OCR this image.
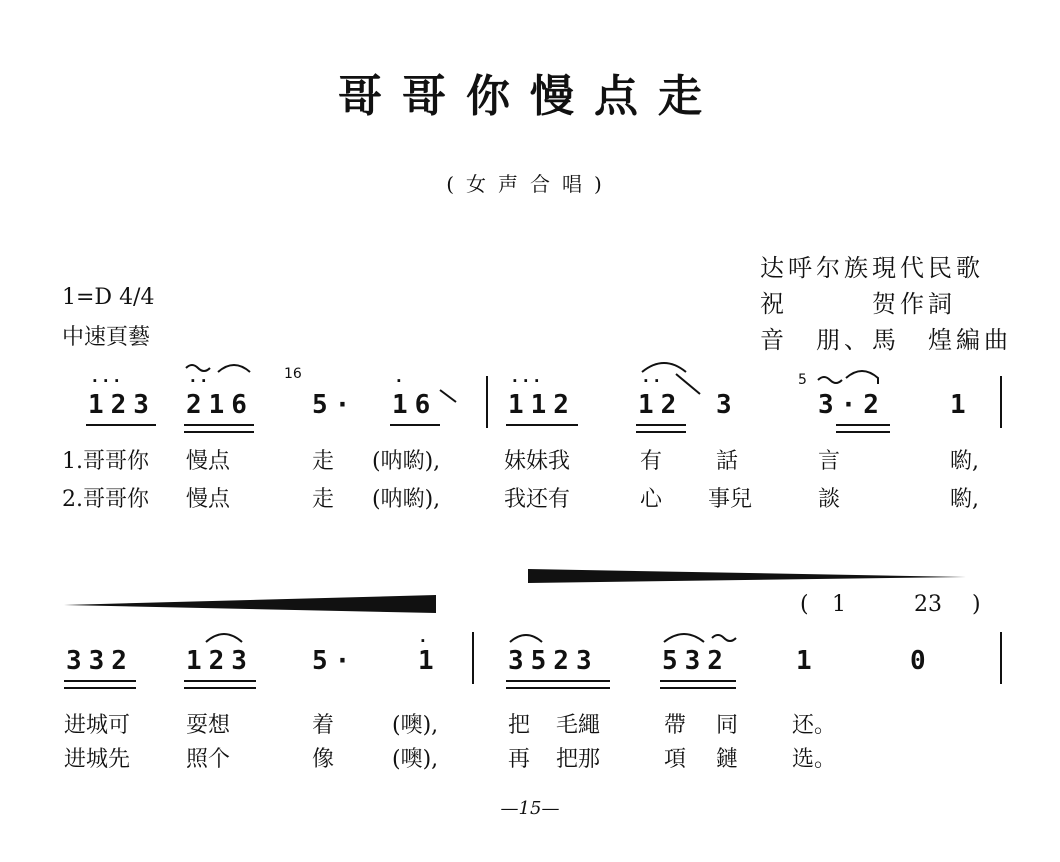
哥哥你慢点走
(女声合唱)
1=D 4/4
中速頁藝
达呼尔族現代民歌
祝　　　贺作詞
音　朋、馬　煌編曲
16	5
· · ·	· ·	·	· · ·	· ·
123 216 5· 16	112 12 3	3·2 1
1.哥哥你 慢点	走 (呐喲),	妹妹我	有 話	言	喲,
2.哥哥你 慢点	走 (呐喲),	我还有	心 事兒	談	喲,
( 1	23 )
·
332 123 5· 1	3523 532	1	0
进城可	耍想	着	(噢),	把 毛繩	帶 同 还。
进城先	照个	像	(噢),	再 把那	項 鏈 选。
—15—
